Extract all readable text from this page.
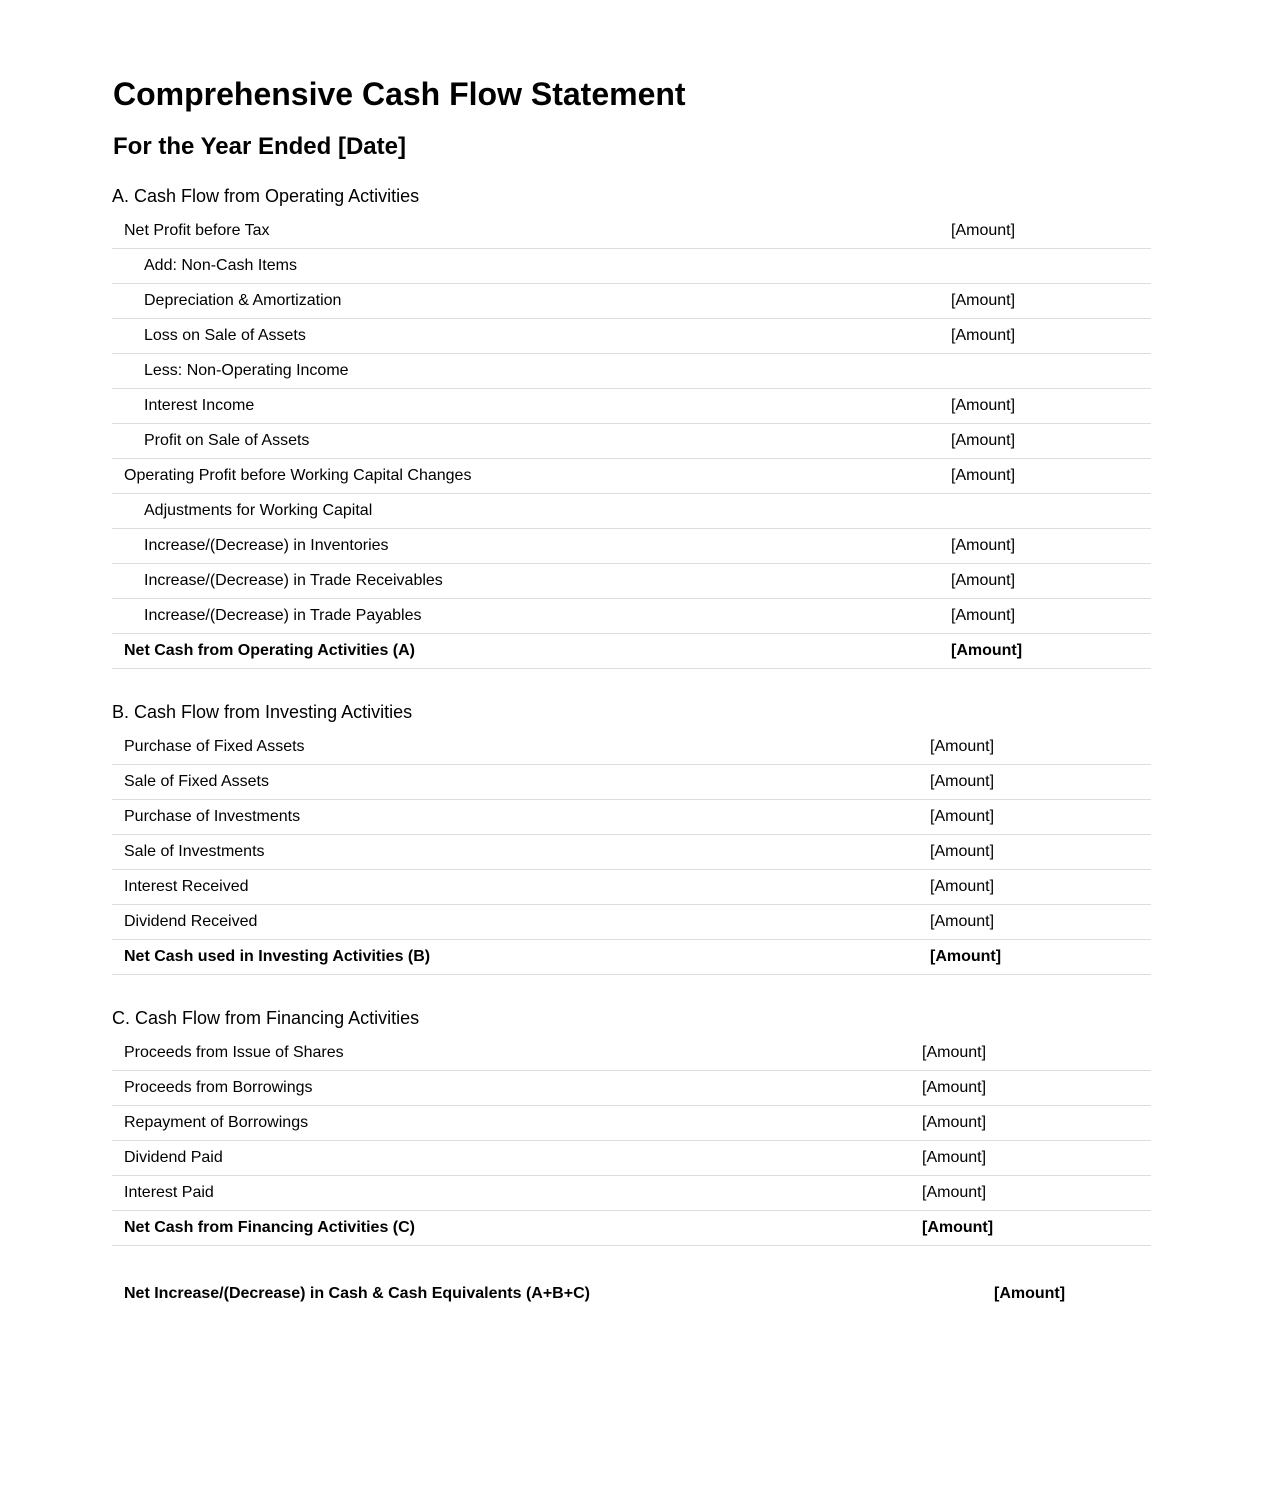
Comprehensive Cash Flow Statement
For the Year Ended [Date]
A. Cash Flow from Operating Activities
Net Profit before Tax	[Amount]
Add: Non-Cash Items	
Depreciation & Amortization	[Amount]
Loss on Sale of Assets	[Amount]
Less: Non-Operating Income	
Interest Income	[Amount]
Profit on Sale of Assets	[Amount]
Operating Profit before Working Capital Changes	[Amount]
Adjustments for Working Capital	
Increase/(Decrease) in Inventories	[Amount]
Increase/(Decrease) in Trade Receivables	[Amount]
Increase/(Decrease) in Trade Payables	[Amount]
Net Cash from Operating Activities (A)	[Amount]
B. Cash Flow from Investing Activities
Purchase of Fixed Assets	[Amount]
Sale of Fixed Assets	[Amount]
Purchase of Investments	[Amount]
Sale of Investments	[Amount]
Interest Received	[Amount]
Dividend Received	[Amount]
Net Cash used in Investing Activities (B)	[Amount]
C. Cash Flow from Financing Activities
Proceeds from Issue of Shares	[Amount]
Proceeds from Borrowings	[Amount]
Repayment of Borrowings	[Amount]
Dividend Paid	[Amount]
Interest Paid	[Amount]
Net Cash from Financing Activities (C)	[Amount]
Net Increase/(Decrease) in Cash & Cash Equivalents (A+B+C)	[Amount]
